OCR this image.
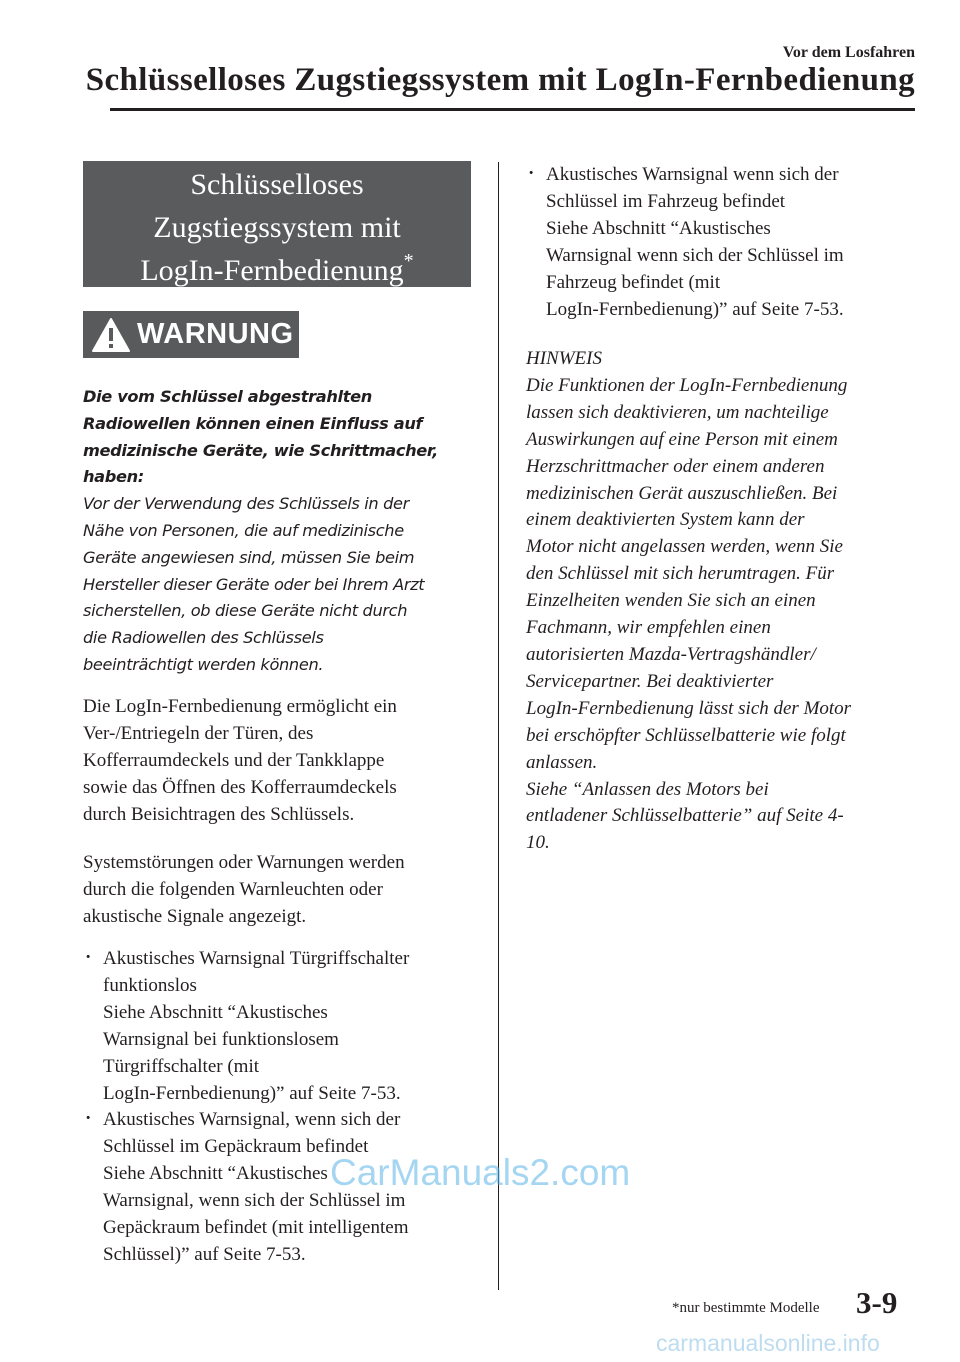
Vor dem Losfahren
Schlüsselloses Zugstiegssystem mit LogIn-Fernbedienung
Schlüsselloses
Zugstiegssystem mit
LogIn-Fernbedienung*
WARNUNG
Die vom Schlüssel abgestrahlten
Radiowellen können einen Einfluss auf
medizinische Geräte, wie Schrittmacher,
haben:
Vor der Verwendung des Schlüssels in der
Nähe von Personen, die auf medizinische
Geräte angewiesen sind, müssen Sie beim
Hersteller dieser Geräte oder bei Ihrem Arzt
sicherstellen, ob diese Geräte nicht durch
die Radiowellen des Schlüssels
beeinträchtigt werden können.
Die LogIn-Fernbedienung ermöglicht ein
Ver-/Entriegeln der Türen, des
Kofferraumdeckels und der Tankklappe
sowie das Öffnen des Kofferraumdeckels
durch Beisichtragen des Schlüssels.
Systemstörungen oder Warnungen werden
durch die folgenden Warnleuchten oder
akustische Signale angezeigt.
· Akustisches Warnsignal Türgriffschalter
funktionslos
Siehe Abschnitt “Akustisches
Warnsignal bei funktionslosem
Türgriffschalter (mit
LogIn-Fernbedienung)” auf Seite 7-53.
· Akustisches Warnsignal, wenn sich der
Schlüssel im Gepäckraum befindet
Siehe Abschnitt “Akustisches
Warnsignal, wenn sich der Schlüssel im
Gepäckraum befindet (mit intelligentem
Schlüssel)” auf Seite 7-53.
· Akustisches Warnsignal wenn sich der
Schlüssel im Fahrzeug befindet
Siehe Abschnitt “Akustisches
Warnsignal wenn sich der Schlüssel im
Fahrzeug befindet (mit
LogIn-Fernbedienung)” auf Seite 7-53.
HINWEIS
Die Funktionen der LogIn-Fernbedienung
lassen sich deaktivieren, um nachteilige
Auswirkungen auf eine Person mit einem
Herzschrittmacher oder einem anderen
medizinischen Gerät auszuschließen. Bei
einem deaktivierten System kann der
Motor nicht angelassen werden, wenn Sie
den Schlüssel mit sich herumtragen. Für
Einzelheiten wenden Sie sich an einen
Fachmann, wir empfehlen einen
autorisierten Mazda-Vertragshändler/
Servicepartner. Bei deaktivierter
LogIn-Fernbedienung lässt sich der Motor
bei erschöpfter Schlüsselbatterie wie folgt
anlassen.
Siehe “Anlassen des Motors bei
entladener Schlüsselbatterie” auf Seite 4-
10.
*nur bestimmte Modelle 3-9
CarManuals2.com
carmanualsonline.info
